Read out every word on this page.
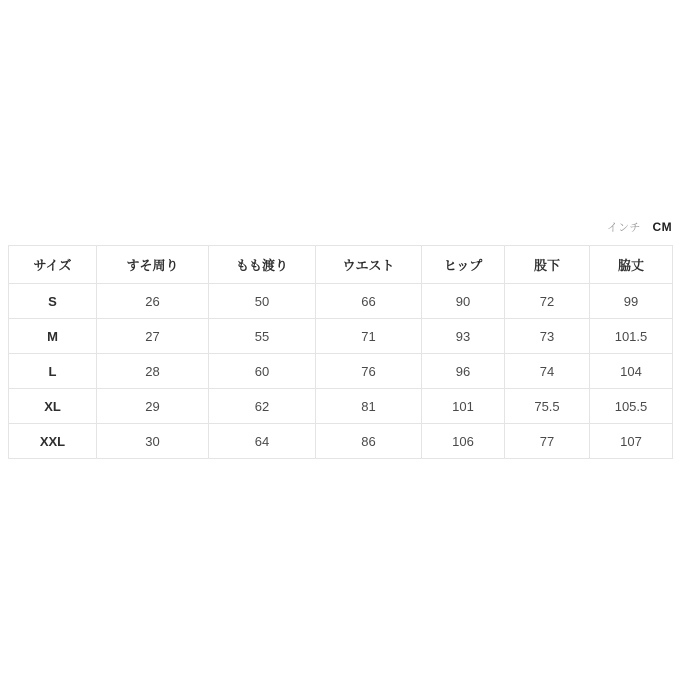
インチ CM
サイズ	すそ周り	もも渡り	ウエスト	ヒップ	股下	脇丈
S	26	50	66	90	72	99
M	27	55	71	93	73	101.5
L	28	60	76	96	74	104
XL	29	62	81	101	75.5	105.5
XXL	30	64	86	106	77	107
